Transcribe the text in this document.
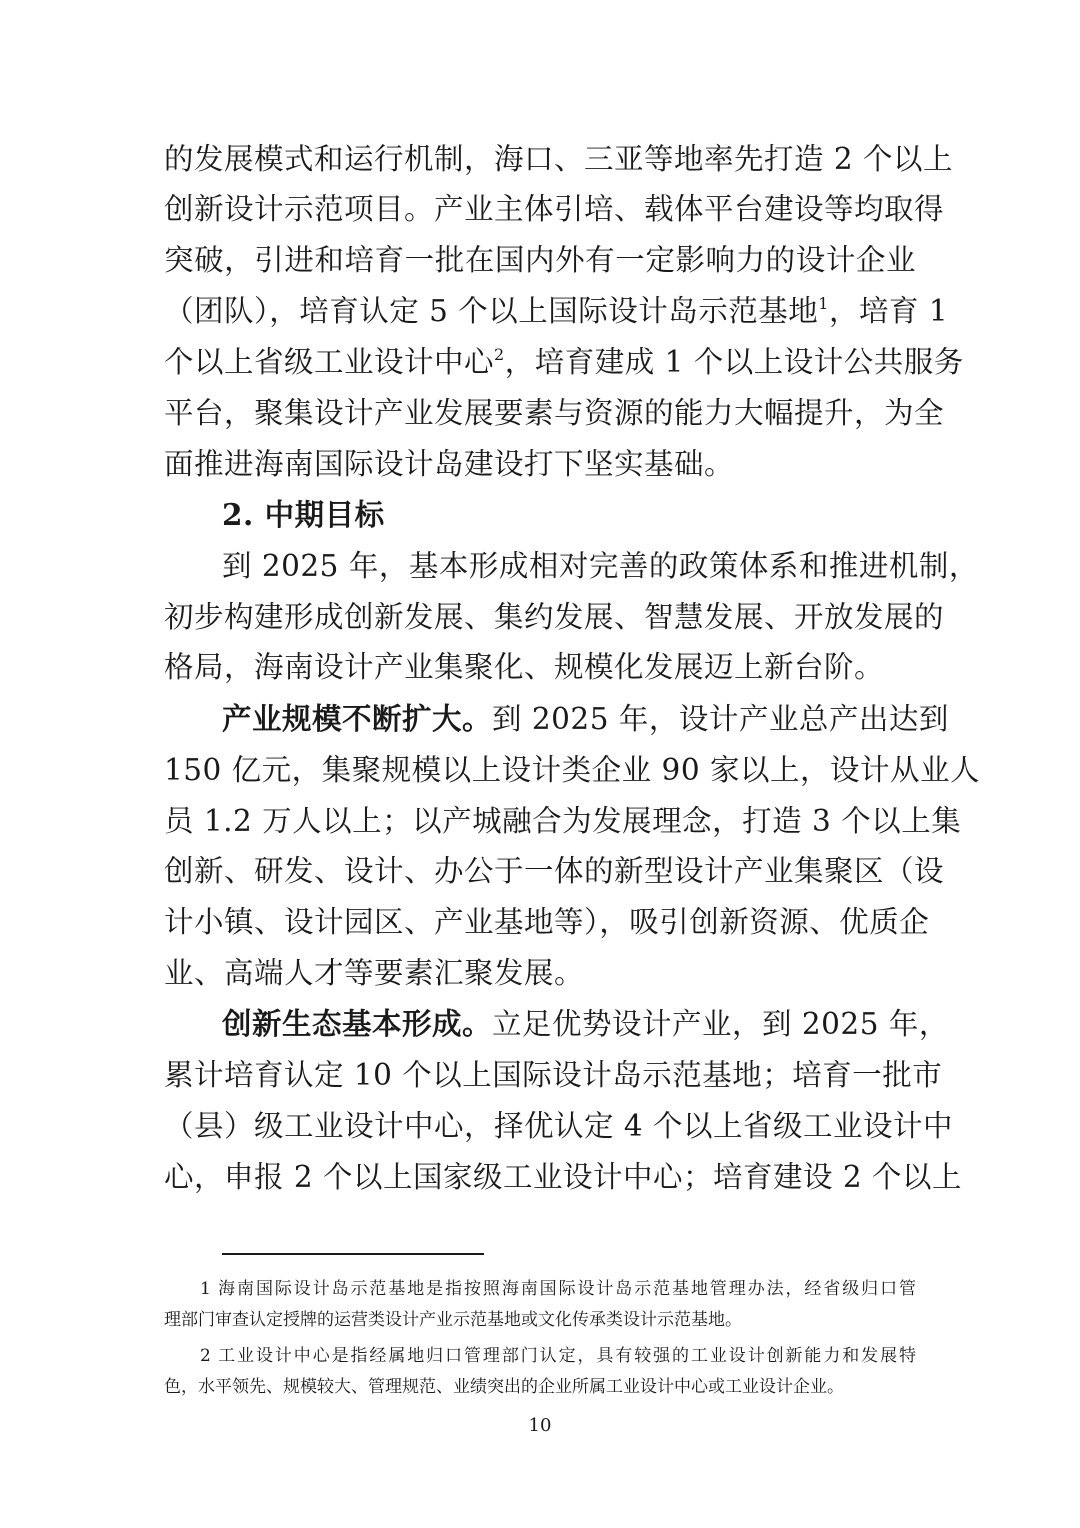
的发展模式和运行机制，海口、三亚等地率先打造 2 个以上
创新设计示范项目。产业主体引培、载体平台建设等均取得
突破，引进和培育一批在国内外有一定影响力的设计企业
（团队），培育认定 5 个以上国际设计岛示范基地$^1$，培育 1
个以上省级工业设计中心$^2$，培育建成 1 个以上设计公共服务
平台，聚集设计产业发展要素与资源的能力大幅提升，为全
面推进海南国际设计岛建设打下坚实基础。
2. 中期目标
到 2025 年，基本形成相对完善的政策体系和推进机制，
初步构建形成创新发展、集约发展、智慧发展、开放发展的
格局，海南设计产业集聚化、规模化发展迈上新台阶。
产业规模不断扩大。到 2025 年，设计产业总产出达到
150 亿元，集聚规模以上设计类企业 90 家以上，设计从业人
员 1.2 万人以上；以产城融合为发展理念，打造 3 个以上集
创新、研发、设计、办公于一体的新型设计产业集聚区（设
计小镇、设计园区、产业基地等），吸引创新资源、优质企
业、高端人才等要素汇聚发展。
创新生态基本形成。立足优势设计产业，到 2025 年，
累计培育认定 10 个以上国际设计岛示范基地；培育一批市
（县）级工业设计中心，择优认定 4 个以上省级工业设计中
心，申报 2 个以上国家级工业设计中心；培育建设 2 个以上
1 海南国际设计岛示范基地是指按照海南国际设计岛示范基地管理办法，经省级归口管
理部门审查认定授牌的运营类设计产业示范基地或文化传承类设计示范基地。
2 工业设计中心是指经属地归口管理部门认定，具有较强的工业设计创新能力和发展特
色，水平领先、规模较大、管理规范、业绩突出的企业所属工业设计中心或工业设计企业。
10
